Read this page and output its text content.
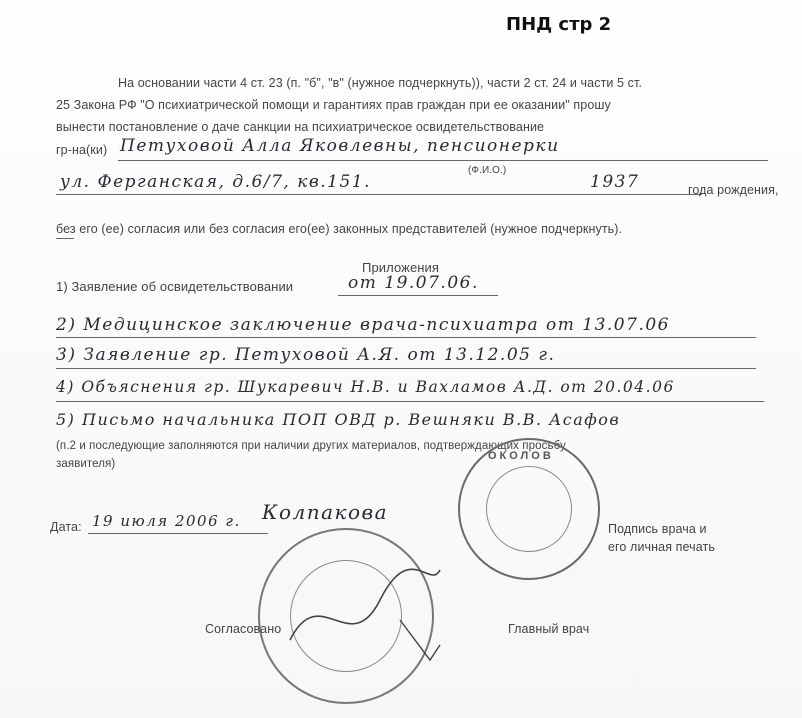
ПНД стр 2
На основании части 4 ст. 23 (п. "б", "в" (нужное подчеркнуть)), части 2 ст. 24 и части 5 ст.
25 Закона РФ "О психиатрической помощи и гарантиях прав граждан при ее оказании" прошу
вынести постановление о даче санкции на психиатрическое освидетельствование
гр-на(ки) Петуховой Алла Яковлевны, пенсионерки
(Ф.И.О.)
ул. Ферганская, д.6/7, кв.151.	1937	года рождения,
без его (ее) согласия или без согласия его(ее) законных представителей (нужное подчеркнуть).
Приложения
1) Заявление об освидетельствовании	от 19.07.06.
2) Медицинское заключение врача-психиатра от 13.07.06
3) Заявление гр. Петуховой А.Я. от 13.12.05 г.
4) Объяснения гр. Шукаревич Н.В. и Вахламов А.Д. от 20.04.06
5) Письмо начальника ПОП ОВД р. Вешняки В.В. Асафов
(п.2 и последующие заполняются при наличии других материалов, подтверждающих просьбу
заявителя)
ОКОЛОВ
Дата: 19 июля 2006 г. Колпакова
Подпись врача и
его личная печать
Согласовано	Главный врач
